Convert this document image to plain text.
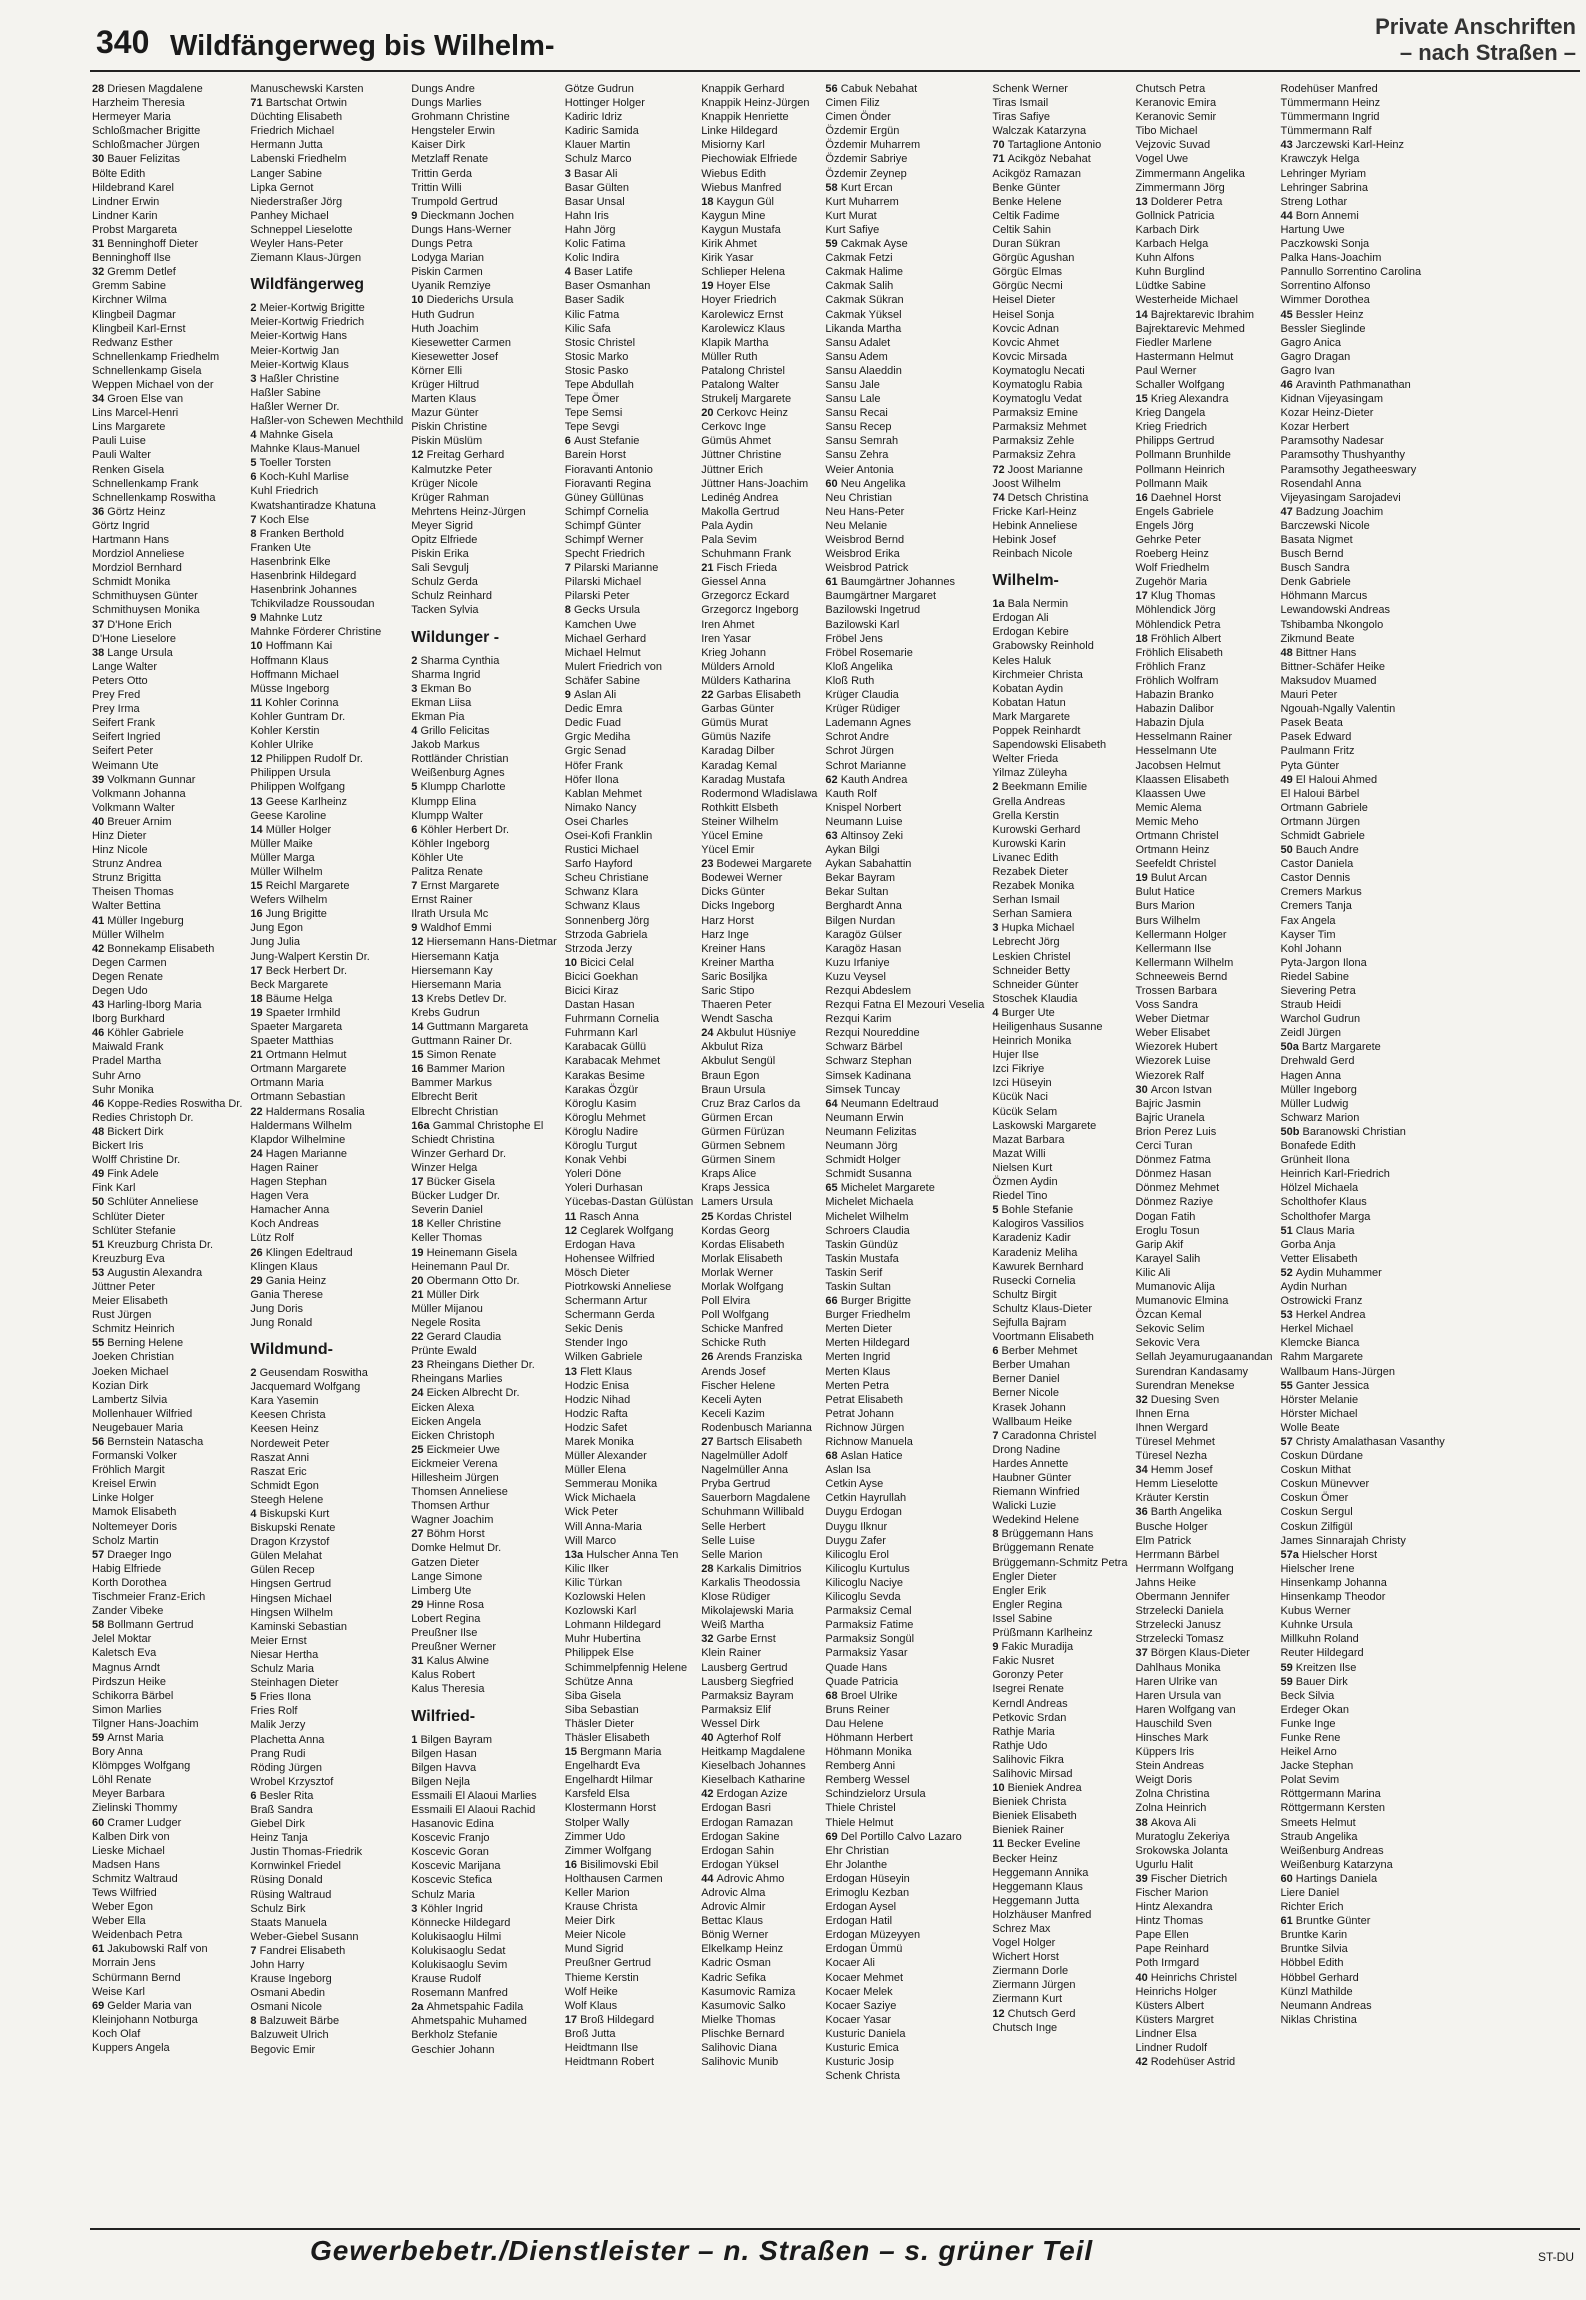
340 Wildfängerweg bis Wilhelm-
Private Anschriften
– nach Straßen –
28 Driesen Magdalene
Harzheim Theresia
Hermeyer Maria
Schloßmacher Brigitte
Schloßmacher Jürgen
30 Bauer Felizitas
Bölte Edith
Hildebrand Karel
Lindner Erwin
Lindner Karin
Probst Margareta
31 Benninghoff Dieter
Benninghoff Ilse
32 Gremm Detlef
Gremm Sabine
Kirchner Wilma
Klingbeil Dagmar
Klingbeil Karl-Ernst
Redwanz Esther
Schnellenkamp Friedhelm
Schnellenkamp Gisela
Weppen Michael von der
34 Groen Else van
Lins Marcel-Henri
Lins Margarete
Pauli Luise
Pauli Walter
Renken Gisela
Schnellenkamp Frank
Schnellenkamp Roswitha
36 Görtz Heinz
Görtz Ingrid
Hartmann Hans
Mordziol Anneliese
Mordziol Bernhard
Schmidt Monika
Schmithuysen Günter
Schmithuysen Monika
37 D'Hone Erich
D'Hone Lieselore
38 Lange Ursula
Lange Walter
Peters Otto
Prey Fred
Prey Irma
Seifert Frank
Seifert Ingried
Seifert Peter
Weimann Ute
39 Volkmann Gunnar
Volkmann Johanna
Volkmann Walter
40 Breuer Arnim
Hinz Dieter
Hinz Nicole
Strunz Andrea
Strunz Brigitta
Theisen Thomas
Walter Bettina
41 Müller Ingeburg
Müller Wilhelm
42 Bonnekamp Elisabeth
Degen Carmen
Degen Renate
Degen Udo
43 Harling-Iborg Maria
Iborg Burkhard
46 Köhler Gabriele
Maiwald Frank
Pradel Martha
Suhr Arno
Suhr Monika
46 Koppe-Redies Roswitha Dr.
Redies Christoph Dr.
48 Bickert Dirk
Bickert Iris
Wolff Christine Dr.
49 Fink Adele
Fink Karl
50 Schlüter Anneliese
Schlüter Dieter
Schlüter Stefanie
51 Kreuzburg Christa Dr.
Kreuzburg Eva
53 Augustin Alexandra
Jüttner Peter
Meier Elisabeth
Rust Jürgen
Schmitz Heinrich
55 Berning Helene
Joeken Christian
Joeken Michael
Kozian Dirk
Lambertz Silvia
Mollenhauer Wilfried
Neugebauer Maria
56 Bernstein Natascha
Formanski Volker
Fröhlich Margit
Kreisel Erwin
Linke Holger
Mamok Elisabeth
Noltemeyer Doris
Scholz Martin
57 Draeger Ingo
Habig Elfriede
Korth Dorothea
Tischmeier Franz-Erich
Zander Vibeke
58 Bollmann Gertrud
Jelel Moktar
Kaletsch Eva
Magnus Arndt
Pirdszun Heike
Schikorra Bärbel
Simon Marlies
Tilgner Hans-Joachim
59 Arnst Maria
Bory Anna
Klömpges Wolfgang
Löhl Renate
Meyer Barbara
Zielinski Thommy
60 Cramer Ludger
Kalben Dirk von
Lieske Michael
Madsen Hans
Schmitz Waltraud
Tews Wilfried
Weber Egon
Weber Ella
Weidenbach Petra
61 Jakubowski Ralf von
Morrain Jens
Schürmann Bernd
Weise Karl
69 Gelder Maria van
Kleinjohann Notburga
Koch Olaf
Kuppers Angela
Manuschewski Karsten
71 Bartschat Ortwin
Düchting Elisabeth
Friedrich Michael
Hermann Jutta
Labenski Friedhelm
Langer Sabine
Lipka Gernot
Niederstraßer Jörg
Panhey Michael
Schneppel Lieselotte
Weyler Hans-Peter
Ziemann Klaus-Jürgen
Wildfängerweg
2 Meier-Kortwig Brigitte
Meier-Kortwig Friedrich
Meier-Kortwig Hans
Meier-Kortwig Jan
Meier-Kortwig Klaus
3 Haßler Christine
Haßler Sabine
Haßler Werner Dr.
Haßler-von Schewen Mechthild
4 Mahnke Gisela
Mahnke Klaus-Manuel
5 Toeller Torsten
6 Koch-Kuhl Marlise
Kuhl Friedrich
Kwatshantiradze Khatuna
7 Koch Else
8 Franken Berthold
Franken Ute
Hasenbrink Elke
Hasenbrink Hildegard
Hasenbrink Johannes
Tchikviladze Roussoudan
9 Mahnke Lutz
Mahnke Förderer Christine
10 Hoffmann Kai
Hoffmann Klaus
Hoffmann Michael
Müsse Ingeborg
11 Kohler Corinna
Kohler Guntram Dr.
Kohler Kerstin
Kohler Ulrike
12 Philippen Rudolf Dr.
Philippen Ursula
Philippen Wolfgang
13 Geese Karlheinz
Geese Karoline
14 Müller Holger
Müller Maike
Müller Marga
Müller Wilhelm
15 Reichl Margarete
Wefers Wilhelm
16 Jung Brigitte
Jung Egon
Jung Julia
Jung-Walpert Kerstin Dr.
17 Beck Herbert Dr.
Beck Margarete
18 Bäume Helga
19 Spaeter Irmhild
Spaeter Margareta
Spaeter Matthias
21 Ortmann Helmut
Ortmann Margarete
Ortmann Maria
Ortmann Sebastian
22 Haldermans Rosalia
Haldermans Wilhelm
Klapdor Wilhelmine
24 Hagen Marianne
Hagen Rainer
Hagen Stephan
Hagen Vera
Hamacher Anna
Koch Andreas
Lütz Rolf
26 Klingen Edeltraud
Klingen Klaus
29 Gania Heinz
Gania Therese
Jung Doris
Jung Ronald
Wildmund-
2 Geusendam Roswitha
Jacquemard Wolfgang
Kara Yasemin
Keesen Christa
Keesen Heinz
Nordeweit Peter
Raszat Anni
Raszat Eric
Schmidt Egon
Steegh Helene
4 Biskupski Kurt
Biskupski Renate
Dragon Krzystof
Gülen Melahat
Gülen Recep
Hingsen Gertrud
Hingsen Michael
Hingsen Wilhelm
Kaminski Sebastian
Meier Ernst
Niesar Hertha
Schulz Maria
Steinhagen Dieter
5 Fries Ilona
Fries Rolf
Malik Jerzy
Plachetta Anna
Prang Rudi
Röding Jürgen
Wrobel Krzysztof
6 Besler Rita
Braß Sandra
Giebel Dirk
Heinz Tanja
Justin Thomas-Friedrik
Kornwinkel Friedel
Rüsing Donald
Rüsing Waltraud
Schulz Birk
Staats Manuela
Weber-Giebel Susann
7 Fandrei Elisabeth
John Harry
Krause Ingeborg
Osmani Abedin
Osmani Nicole
8 Balzuweit Bärbe
Balzuweit Ulrich
Begovic Emir
Dungs Andre
Dungs Marlies
Grohmann Christine
Hengsteler Erwin
Kaiser Dirk
Metzlaff Renate
Trittin Gerda
Trittin Willi
Trumpold Gertrud
9 Dieckmann Jochen
Dungs Hans-Werner
Dungs Petra
Lodyga Marian
Piskin Carmen
Uyanik Remziye
10 Diederichs Ursula
Huth Gudrun
Huth Joachim
Kiesewetter Carmen
Kiesewetter Josef
Körner Elli
Krüger Hiltrud
Marten Klaus
Mazur Günter
Piskin Christine
Piskin Müslüm
12 Freitag Gerhard
Kalmutzke Peter
Krüger Nicole
Krüger Rahman
Mehrtens Heinz-Jürgen
Meyer Sigrid
Opitz Elfriede
Piskin Erika
Sali Sevgulj
Schulz Gerda
Schulz Reinhard
Tacken Sylvia
Wildunger -
2 Sharma Cynthia
Sharma Ingrid
3 Ekman Bo
Ekman Liisa
Ekman Pia
4 Grillo Felicitas
Jakob Markus
Rottländer Christian
Weißenburg Agnes
5 Klumpp Charlotte
Klumpp Elina
Klumpp Walter
6 Köhler Herbert Dr.
Köhler Ingeborg
Köhler Ute
Palitza Renate
7 Ernst Margarete
Ernst Rainer
Ilrath Ursula Mc
9 Waldhof Emmi
12 Hiersemann Hans-Dietmar
Hiersemann Katja
Hiersemann Kay
Hiersemann Maria
13 Krebs Detlev Dr.
Krebs Gudrun
14 Guttmann Margareta
Guttmann Rainer Dr.
15 Simon Renate
16 Bammer Marion
Bammer Markus
Elbrecht Berit
Elbrecht Christian
16a Gammal Christophe El
Schiedt Christina
Winzer Gerhard Dr.
Winzer Helga
17 Bücker Gisela
Bücker Ludger Dr.
Severin Daniel
18 Keller Christine
Keller Thomas
19 Heinemann Gisela
Heinemann Paul Dr.
20 Obermann Otto Dr.
21 Müller Dirk
Müller Mijanou
Negele Rosita
22 Gerard Claudia
Prünte Ewald
23 Rheingans Diether Dr.
Rheingans Marlies
24 Eicken Albrecht Dr.
Eicken Alexa
Eicken Angela
Eicken Christoph
25 Eickmeier Uwe
Eickmeier Verena
Hillesheim Jürgen
Thomsen Anneliese
Thomsen Arthur
Wagner Joachim
27 Böhm Horst
Domke Helmut Dr.
Gatzen Dieter
Lange Simone
Limberg Ute
29 Hinne Rosa
Lobert Regina
Preußner Ilse
Preußner Werner
31 Kalus Alwine
Kalus Robert
Kalus Theresia
Wilfried-
1 Bilgen Bayram
Bilgen Hasan
Bilgen Havva
Bilgen Nejla
Essmaili El Alaoui Marlies
Essmaili El Alaoui Rachid
Hasanovic Edina
Koscevic Franjo
Koscevic Goran
Koscevic Marijana
Koscevic Stefica
Schulz Maria
3 Köhler Ingrid
Könnecke Hildegard
Kolukisaoglu Hilmi
Kolukisaoglu Sedat
Kolukisaoglu Sevim
Krause Rudolf
Rosemann Manfred
2a Ahmetspahic Fadila
Ahmetspahic Muhamed
Berkholz Stefanie
Geschier Johann
Götze Gudrun
Hottinger Holger
Kadiric Idriz
Kadiric Samida
Klauer Martin
Schulz Marco
3 Basar Ali
Basar Gülten
Basar Unsal
Hahn Iris
Hahn Jörg
Kolic Fatima
Kolic Indira
4 Baser Latife
Baser Osmanhan
Baser Sadik
Kilic Fatma
Kilic Safa
Stosic Christel
Stosic Marko
Stosic Pasko
Tepe Abdullah
Tepe Ömer
Tepe Semsi
Tepe Sevgi
6 Aust Stefanie
Barein Horst
Fioravanti Antonio
Fioravanti Regina
Güney Güllünas
Schimpf Cornelia
Schimpf Günter
Schimpf Werner
Specht Friedrich
7 Pilarski Marianne
Pilarski Michael
Pilarski Peter
8 Gecks Ursula
Kamchen Uwe
Michael Gerhard
Michael Helmut
Mulert Friedrich von
Schäfer Sabine
9 Aslan Ali
Dedic Emra
Dedic Fuad
Grgic Mediha
Grgic Senad
Höfer Frank
Höfer Ilona
Kablan Mehmet
Nimako Nancy
Osei Charles
Osei-Kofi Franklin
Rustici Michael
Sarfo Hayford
Scheu Christiane
Schwanz Klara
Schwanz Klaus
Sonnenberg Jörg
Strzoda Gabriela
Strzoda Jerzy
10 Bicici Celal
Bicici Goekhan
Bicici Kiraz
Dastan Hasan
Fuhrmann Cornelia
Fuhrmann Karl
Karabacak Güllü
Karabacak Mehmet
Karakas Besime
Karakas Özgür
Köroglu Kasim
Köroglu Mehmet
Köroglu Nadire
Köroglu Turgut
Konak Vehbi
Yoleri Döne
Yoleri Durhasan
Yücebas-Dastan Gülüstan
11 Rasch Anna
12 Ceglarek Wolfgang
Erdogan Hava
Hohensee Wilfried
Mösch Dieter
Piotrkowski Anneliese
Schermann Artur
Schermann Gerda
Sekic Denis
Stender Ingo
Wilken Gabriele
13 Flett Klaus
Hodzic Enisa
Hodzic Nihad
Hodzic Rafta
Hodzic Safet
Marek Monika
Müller Alexander
Müller Elena
Semmerau Monika
Wick Michaela
Wick Peter
Will Anna-Maria
Will Marco
13a Hulscher Anna Ten
Kilic Ilker
Kilic Türkan
Kozlowski Helen
Kozlowski Karl
Lohmann Hildegard
Muhr Hubertina
Philippek Else
Schimmelpfennig Helene
Schütze Anna
Siba Gisela
Siba Sebastian
Thäsler Dieter
Thäsler Elisabeth
15 Bergmann Maria
Engelhardt Eva
Engelhardt Hilmar
Karsfeld Elsa
Klostermann Horst
Stolper Wally
Zimmer Udo
Zimmer Wolfgang
16 Bisilimovski Ebil
Holthausen Carmen
Keller Marion
Krause Christa
Meier Dirk
Meier Nicole
Mund Sigrid
Preußner Gertrud
Thieme Kerstin
Wolf Heike
Wolf Klaus
17 Broß Hildegard
Broß Jutta
Heidtmann Ilse
Heidtmann Robert
Knappik Gerhard
Knappik Heinz-Jürgen
Knappik Henriette
Linke Hildegard
Misiorny Karl
Piechowiak Elfriede
Wiebus Edith
Wiebus Manfred
18 Kaygun Gül
Kaygun Mine
Kaygun Mustafa
Kirik Ahmet
Kirik Yasar
Schlieper Helena
19 Hoyer Else
Hoyer Friedrich
Karolewicz Ernst
Karolewicz Klaus
Klapik Martha
Müller Ruth
Patalong Christel
Patalong Walter
Strukelj Margarete
20 Cerkovc Heinz
Cerkovc Inge
Gümüs Ahmet
Jüttner Christine
Jüttner Erich
Jüttner Hans-Joachim
Ledinég Andrea
Makolla Gertrud
Pala Aydin
Pala Sevim
Schuhmann Frank
21 Fisch Frieda
Giessel Anna
Grzegorcz Eckard
Grzegorcz Ingeborg
Iren Ahmet
Iren Yasar
Krieg Johann
Mülders Arnold
Mülders Katharina
22 Garbas Elisabeth
Garbas Günter
Gümüs Murat
Gümüs Nazife
Karadag Dilber
Karadag Kemal
Karadag Mustafa
Rodermond Wladislawa
Rothkitt Elsbeth
Steiner Wilhelm
Yücel Emine
Yücel Emir
23 Bodewei Margarete
Bodewei Werner
Dicks Günter
Dicks Ingeborg
Harz Horst
Harz Inge
Kreiner Hans
Kreiner Martha
Saric Bosiljka
Saric Stipo
Thaeren Peter
Wendt Sascha
24 Akbulut Hüsniye
Akbulut Riza
Akbulut Sengül
Braun Egon
Braun Ursula
Cruz Braz Carlos da
Gürmen Ercan
Gürmen Fürüzan
Gürmen Sebnem
Gürmen Sinem
Kraps Alice
Kraps Jessica
Lamers Ursula
25 Kordas Christel
Kordas Georg
Kordas Elisabeth
Morlak Elisabeth
Morlak Werner
Morlak Wolfgang
Poll Elvira
Poll Wolfgang
Schicke Manfred
Schicke Ruth
26 Arends Franziska
Arends Josef
Fischer Helene
Keceli Ayten
Keceli Kazim
Rodenbusch Marianna
27 Bartsch Elisabeth
Nagelmüller Adolf
Nagelmüller Anna
Pryba Gertrud
Sauerborn Magdalene
Schuhmann Willibald
Selle Herbert
Selle Luise
Selle Marion
28 Karkalis Dimitrios
Karkalis Theodossia
Klose Rüdiger
Mikolajewski Maria
Weiß Martha
32 Garbe Ernst
Klein Rainer
Lausberg Gertrud
Lausberg Siegfried
Parmaksiz Bayram
Parmaksiz Elif
Wessel Dirk
40 Agterhof Rolf
Heitkamp Magdalene
Kieselbach Johannes
Kieselbach Katharine
42 Erdogan Azize
Erdogan Basri
Erdogan Ramazan
Erdogan Sakine
Erdogan Sahin
Erdogan Yüksel
44 Adrovic Ahmo
Adrovic Alma
Adrovic Almir
Bettac Klaus
Bönig Werner
Elkelkamp Heinz
Kadric Osman
Kadric Sefika
Kasumovic Ramiza
Kasumovic Salko
Mielke Thomas
Plischke Bernard
Salihovic Diana
Salihovic Munib
56 Cabuk Nebahat
Cimen Filiz
Cimen Önder
Özdemir Ergün
Özdemir Muharrem
Özdemir Sabriye
Özdemir Zeynep
58 Kurt Ercan
Kurt Muharrem
Kurt Murat
Kurt Safiye
59 Cakmak Ayse
Cakmak Fetzi
Cakmak Halime
Cakmak Salih
Cakmak Sükran
Cakmak Yüksel
Likanda Martha
Sansu Adalet
Sansu Adem
Sansu Alaeddin
Sansu Jale
Sansu Lale
Sansu Recai
Sansu Recep
Sansu Semrah
Sansu Zehra
Weier Antonia
60 Neu Angelika
Neu Christian
Neu Hans-Peter
Neu Melanie
Weisbrod Bernd
Weisbrod Erika
Weisbrod Patrick
61 Baumgärtner Johannes
Baumgärtner Margaret
Bazilowski Ingetrud
Bazilowski Karl
Fröbel Jens
Fröbel Rosemarie
Kloß Angelika
Kloß Ruth
Krüger Claudia
Krüger Rüdiger
Lademann Agnes
Schrot Andre
Schrot Jürgen
Schrot Marianne
62 Kauth Andrea
Kauth Rolf
Knispel Norbert
Neumann Luise
63 Altinsoy Zeki
Aykan Bilgi
Aykan Sabahattin
Bekar Bayram
Bekar Sultan
Berghardt Anna
Bilgen Nurdan
Karagöz Gülser
Karagöz Hasan
Kuzu Irfaniye
Kuzu Veysel
Rezqui Abdeslem
Rezqui Fatna El Mezouri Veselia
Rezqui Karim
Rezqui Noureddine
Schwarz Bärbel
Schwarz Stephan
Simsek Kadinana
Simsek Tuncay
64 Neumann Edeltraud
Neumann Erwin
Neumann Felizitas
Neumann Jörg
Schmidt Holger
Schmidt Susanna
65 Michelet Margarete
Michelet Michaela
Michelet Wilhelm
Schroers Claudia
Taskin Gündüz
Taskin Mustafa
Taskin Serif
Taskin Sultan
66 Burger Brigitte
Burger Friedhelm
Merten Dieter
Merten Hildegard
Merten Ingrid
Merten Klaus
Merten Petra
Petrat Elisabeth
Petrat Johann
Richnow Jürgen
Richnow Manuela
68 Aslan Hatice
Aslan Isa
Cetkin Ayse
Cetkin Hayrullah
Duygu Erdogan
Duygu Ilknur
Duygu Zafer
Kilicoglu Erol
Kilicoglu Kurtulus
Kilicoglu Naciye
Kilicoglu Sevda
Parmaksiz Cemal
Parmaksiz Fatime
Parmaksiz Songül
Parmaksiz Yasar
Quade Hans
Quade Patricia
68 Broel Ulrike
Bruns Reiner
Dau Helene
Höhmann Herbert
Höhmann Monika
Remberg Anni
Remberg Wessel
Schindzielorz Ursula
Thiele Christel
Thiele Helmut
69 Del Portillo Calvo Lazaro
Ehr Christian
Ehr Jolanthe
Erdogan Hüseyin
Erimoglu Kezban
Erdogan Aysel
Erdogan Hatil
Erdogan Müzeyyen
Erdogan Ümmü
Kocaer Ali
Kocaer Mehmet
Kocaer Melek
Kocaer Saziye
Kocaer Yasar
Kusturic Daniela
Kusturic Emica
Kusturic Josip
Schenk Christa
Schenk Werner
Tiras Ismail
Tiras Safiye
Walczak Katarzyna
70 Tartaglione Antonio
71 Acikgöz Nebahat
Acikgöz Ramazan
Benke Günter
Benke Helene
Celtik Fadime
Celtik Sahin
Duran Sükran
Görgüc Agushan
Görgüc Elmas
Görgüc Necmi
Heisel Dieter
Heisel Sonja
Kovcic Adnan
Kovcic Ahmet
Kovcic Mirsada
Koymatoglu Necati
Koymatoglu Rabia
Koymatoglu Vedat
Parmaksiz Emine
Parmaksiz Mehmet
Parmaksiz Zehle
Parmaksiz Zehra
72 Joost Marianne
Joost Wilhelm
74 Detsch Christina
Fricke Karl-Heinz
Hebink Anneliese
Hebink Josef
Reinbach Nicole
Wilhelm-
1a Bala Nermin
Erdogan Ali
Erdogan Kebire
Grabowsky Reinhold
Keles Haluk
Kirchmeier Christa
Kobatan Aydin
Kobatan Hatun
Mark Margarete
Poppek Reinhardt
Sapendowski Elisabeth
Welter Frieda
Yilmaz Züleyha
2 Beekmann Emilie
Grella Andreas
Grella Kerstin
Kurowski Gerhard
Kurowski Karin
Livanec Edith
Rezabek Dieter
Rezabek Monika
Serhan Ismail
Serhan Samiera
3 Hupka Michael
Lebrecht Jörg
Leskien Christel
Schneider Betty
Schneider Günter
Stoschek Klaudia
4 Burger Ute
Heiligenhaus Susanne
Heinrich Monika
Hujer Ilse
Izci Fikriye
Izci Hüseyin
Kücük Naci
Kücük Selam
Laskowski Margarete
Mazat Barbara
Mazat Willi
Nielsen Kurt
Özmen Aydin
Riedel Tino
5 Bohle Stefanie
Kalogiros Vassilios
Karadeniz Kadir
Karadeniz Meliha
Kawurek Bernhard
Rusecki Cornelia
Schultz Birgit
Schultz Klaus-Dieter
Sejfulla Bajram
Voortmann Elisabeth
6 Berber Mehmet
Berber Umahan
Berner Daniel
Berner Nicole
Krasek Johann
Wallbaum Heike
7 Caradonna Christel
Drong Nadine
Hardes Annette
Haubner Günter
Riemann Winfried
Walicki Luzie
Wedekind Helene
8 Brüggemann Hans
Brüggemann Renate
Brüggemann-Schmitz Petra
Engler Dieter
Engler Erik
Engler Regina
Issel Sabine
Prüßmann Karlheinz
9 Fakic Muradija
Fakic Nusret
Goronzy Peter
Isegrei Renate
Kerndl Andreas
Petkovic Srdan
Rathje Maria
Rathje Udo
Salihovic Fikra
Salihovic Mirsad
10 Bieniek Andrea
Bieniek Christa
Bieniek Elisabeth
Bieniek Rainer
11 Becker Eveline
Becker Heinz
Heggemann Annika
Heggemann Klaus
Heggemann Jutta
Holzhäuser Manfred
Schrez Max
Vogel Holger
Wichert Horst
Ziermann Dorle
Ziermann Jürgen
Ziermann Kurt
12 Chutsch Gerd
Chutsch Inge
Chutsch Petra
Keranovic Emira
Keranovic Semir
Tibo Michael
Vejzovic Suvad
Vogel Uwe
Zimmermann Angelika
Zimmermann Jörg
13 Dolderer Petra
Gollnick Patricia
Karbach Dirk
Karbach Helga
Kuhn Alfons
Kuhn Burglind
Lüdtke Sabine
Westerheide Michael
14 Bajrektarevic Ibrahim
Bajrektarevic Mehmed
Fiedler Marlene
Hastermann Helmut
Paul Werner
Schaller Wolfgang
15 Krieg Alexandra
Krieg Dangela
Krieg Friedrich
Philipps Gertrud
Pollmann Brunhilde
Pollmann Heinrich
Pollmann Maik
16 Daehnel Horst
Engels Gabriele
Engels Jörg
Gehrke Peter
Roeberg Heinz
Wolf Friedhelm
Zugehör Maria
17 Klug Thomas
Möhlendick Jörg
Möhlendick Petra
18 Fröhlich Albert
Fröhlich Elisabeth
Fröhlich Franz
Fröhlich Wolfram
Habazin Branko
Habazin Dalibor
Habazin Djula
Hesselmann Rainer
Hesselmann Ute
Jacobsen Helmut
Klaassen Elisabeth
Klaassen Uwe
Memic Alema
Memic Meho
Ortmann Christel
Ortmann Heinz
Seefeldt Christel
19 Bulut Arcan
Bulut Hatice
Burs Marion
Burs Wilhelm
Kellermann Holger
Kellermann Ilse
Kellermann Wilhelm
Schneeweis Bernd
Trossen Barbara
Voss Sandra
Weber Dietmar
Weber Elisabet
Wiezorek Hubert
Wiezorek Luise
Wiezorek Ralf
30 Arcon Istvan
Bajric Jasmin
Bajric Uranela
Brion Perez Luis
Cerci Turan
Dönmez Fatma
Dönmez Hasan
Dönmez Mehmet
Dönmez Raziye
Dogan Fatih
Eroglu Tosun
Garip Akif
Karayel Salih
Kilic Ali
Mumanovic Alija
Mumanovic Elmina
Özcan Kemal
Sekovic Selim
Sekovic Vera
Sellah Jeyamurugaanandan
Surendran Kandasamy
Surendran Menekse
32 Duesing Sven
Ihnen Erna
Ihnen Wergard
Türesel Mehmet
Türesel Nezha
34 Hemm Josef
Hemm Lieselotte
Kräuter Kerstin
36 Barth Angelika
Busche Holger
Elm Patrick
Herrmann Bärbel
Herrmann Wolfgang
Jahns Heike
Obermann Jennifer
Strzelecki Daniela
Strzelecki Janusz
Strzelecki Tomasz
37 Börgen Klaus-Dieter
Dahlhaus Monika
Haren Ulrike van
Haren Ursula van
Haren Wolfgang van
Hauschild Sven
Hinsches Mark
Küppers Iris
Stein Andreas
Weigt Doris
Zolna Christina
Zolna Heinrich
38 Akova Ali
Muratoglu Zekeriya
Srokowska Jolanta
Ugurlu Halit
39 Fischer Dietrich
Fischer Marion
Hintz Alexandra
Hintz Thomas
Pape Ellen
Pape Reinhard
Poth Irmgard
40 Heinrichs Christel
Heinrichs Holger
Küsters Albert
Küsters Margret
Lindner Elsa
Lindner Rudolf
42 Rodehüser Astrid
Rodehüser Manfred
Tümmermann Heinz
Tümmermann Ingrid
Tümmermann Ralf
43 Jarczewski Karl-Heinz
Krawczyk Helga
Lehringer Myriam
Lehringer Sabrina
Streng Lothar
44 Born Annemi
Hartung Uwe
Paczkowski Sonja
Palka Hans-Joachim
Pannullo Sorrentino Carolina
Sorrentino Alfonso
Wimmer Dorothea
45 Bessler Heinz
Bessler Sieglinde
Gagro Anica
Gagro Dragan
Gagro Ivan
46 Aravinth Pathmanathan
Kidnan Vijeyasingam
Kozar Heinz-Dieter
Kozar Herbert
Paramsothy Nadesar
Paramsothy Thushyanthy
Paramsothy Jegatheeswary
Rosendahl Anna
Vijeyasingam Sarojadevi
47 Badzung Joachim
Barczewski Nicole
Basata Nigmet
Busch Bernd
Busch Sandra
Denk Gabriele
Höhmann Marcus
Lewandowski Andreas
Tshibamba Nkongolo
Zikmund Beate
48 Bittner Hans
Bittner-Schäfer Heike
Maksudov Muamed
Mauri Peter
Ngouah-Ngally Valentin
Pasek Beata
Pasek Edward
Paulmann Fritz
Pyta Günter
49 El Haloui Ahmed
El Haloui Bärbel
Ortmann Gabriele
Ortmann Jürgen
Schmidt Gabriele
50 Bauch Andre
Castor Daniela
Castor Dennis
Cremers Markus
Cremers Tanja
Fax Angela
Kayser Tim
Kohl Johann
Pyta-Jargon Ilona
Riedel Sabine
Sievering Petra
Straub Heidi
Warchol Gudrun
Zeidl Jürgen
50a Bartz Margarete
Drehwald Gerd
Hagen Anna
Müller Ingeborg
Müller Ludwig
Schwarz Marion
50b Baranowski Christian
Bonafede Edith
Grünheit Ilona
Heinrich Karl-Friedrich
Hölzel Michaela
Scholthofer Klaus
Scholthofer Marga
51 Claus Maria
Gorba Anja
Vetter Elisabeth
52 Aydin Muhammer
Aydin Nurhan
Ostrowicki Franz
53 Herkel Andrea
Herkel Michael
Klemcke Bianca
Rahm Margarete
Wallbaum Hans-Jürgen
55 Ganter Jessica
Hörster Melanie
Hörster Michael
Wolle Beate
57 Christy Amalathasan Vasanthy
Coskun Dürdane
Coskun Mithat
Coskun Münevver
Coskun Ömer
Coskun Sergul
Coskun Zilfigül
James Sinnarajah Christy
57a Hielscher Horst
Hielscher Irene
Hinsenkamp Johanna
Hinsenkamp Theodor
Kubus Werner
Kuhnke Ursula
Millkuhn Roland
Reuter Hildegard
59 Kreitzen Ilse
59 Bauer Dirk
Beck Silvia
Erdeger Okan
Funke Inge
Funke Rene
Heikel Arno
Jacke Stephan
Polat Sevim
Röttgermann Marina
Röttgermann Kersten
Smeets Helmut
Straub Angelika
Weißenburg Andreas
Weißenburg Katarzyna
60 Hartings Daniela
Liere Daniel
Richter Erich
61 Bruntke Günter
Bruntke Karin
Bruntke Silvia
Höbbel Edith
Höbbel Gerhard
Künzl Mathilde
Neumann Andreas
Niklas Christina
Gewerbebetr./Dienstleister – n. Straßen – s. grüner Teil	ST-DU
